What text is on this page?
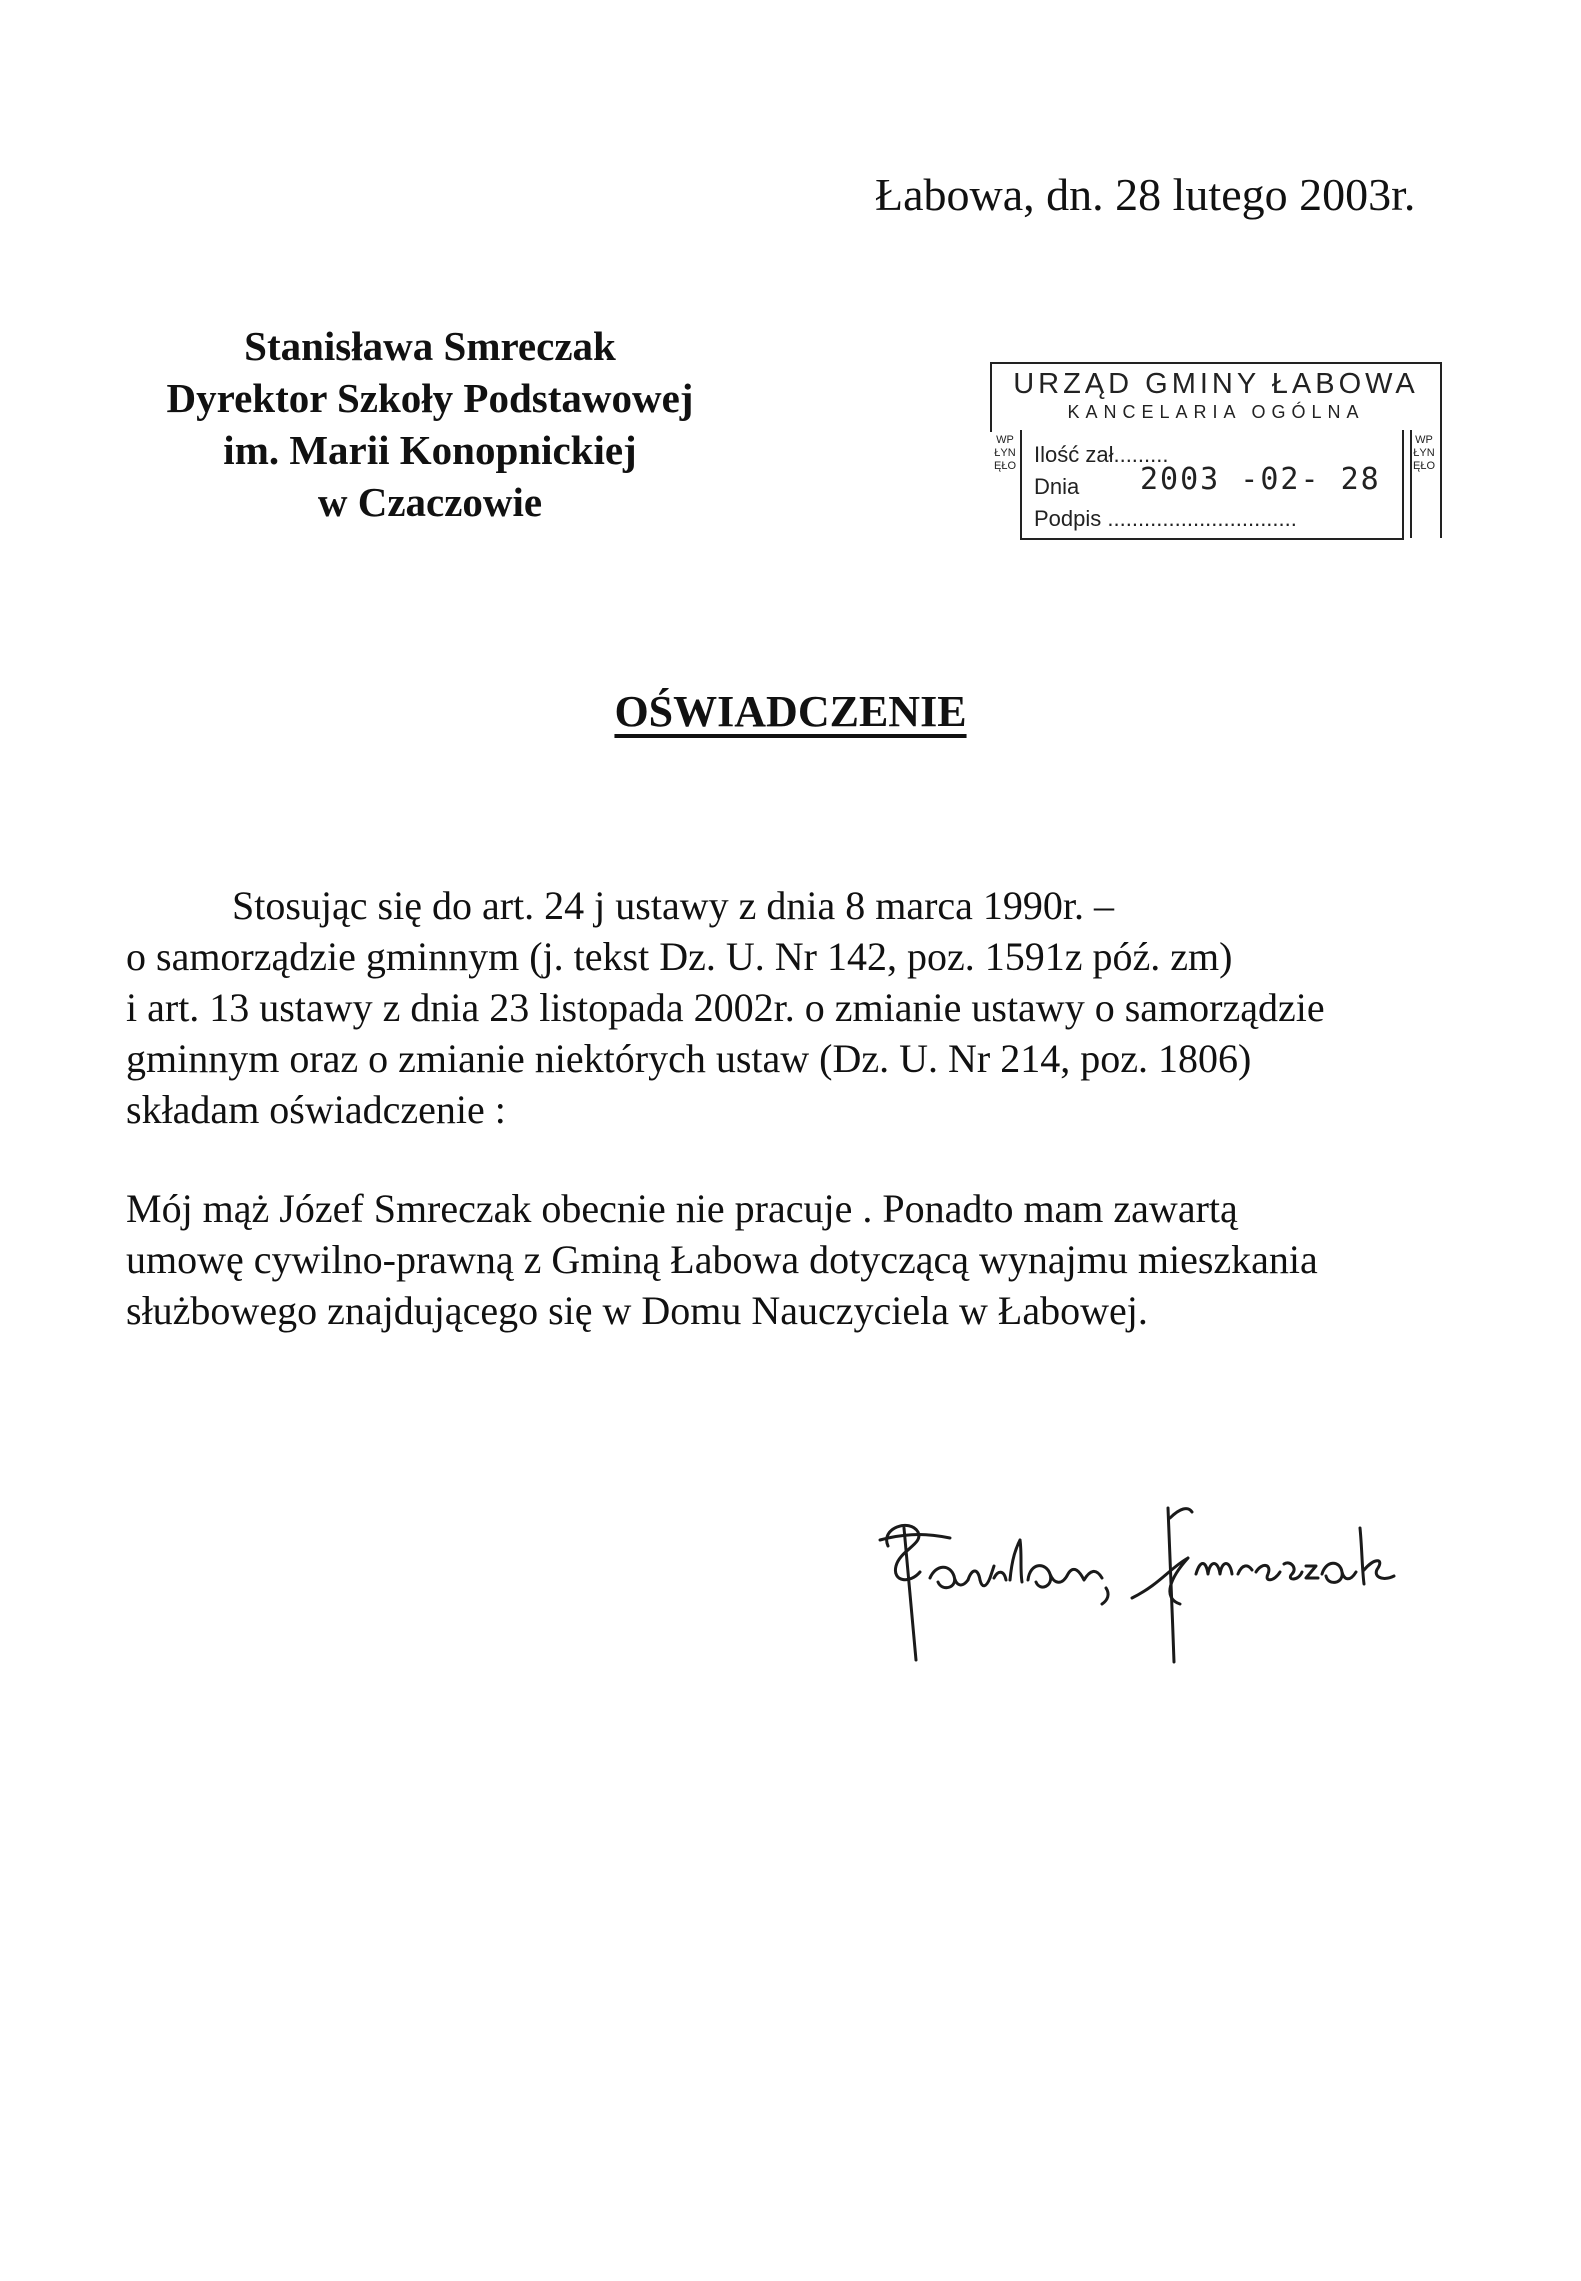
Łabowa, dn. 28 lutego 2003r.
Stanisława Smreczak
Dyrektor Szkoły Podstawowej
im. Marii Konopnickiej
w Czaczowie
URZĄD GMINY ŁABOWA
KANCELARIA OGÓLNA
WPŁYNĘŁO
WPŁYNĘŁO
Ilość zał.........
Dnia 2003 -02- 28
Podpis ...............................
OŚWIADCZENIE
Stosując się do art. 24 j ustawy z dnia 8 marca 1990r. –
o samorządzie gminnym (j. tekst Dz. U. Nr 142, poz. 1591z póź. zm)
i art. 13 ustawy z dnia 23 listopada 2002r. o zmianie ustawy o samorządzie
gminnym oraz o zmianie niektórych ustaw (Dz. U. Nr 214, poz. 1806)
składam oświadczenie :
Mój mąż Józef Smreczak obecnie nie pracuje . Ponadto mam zawartą
umowę cywilno-prawną z Gminą Łabowa dotyczącą wynajmu mieszkania
służbowego znajdującego się w Domu Nauczyciela w Łabowej.
